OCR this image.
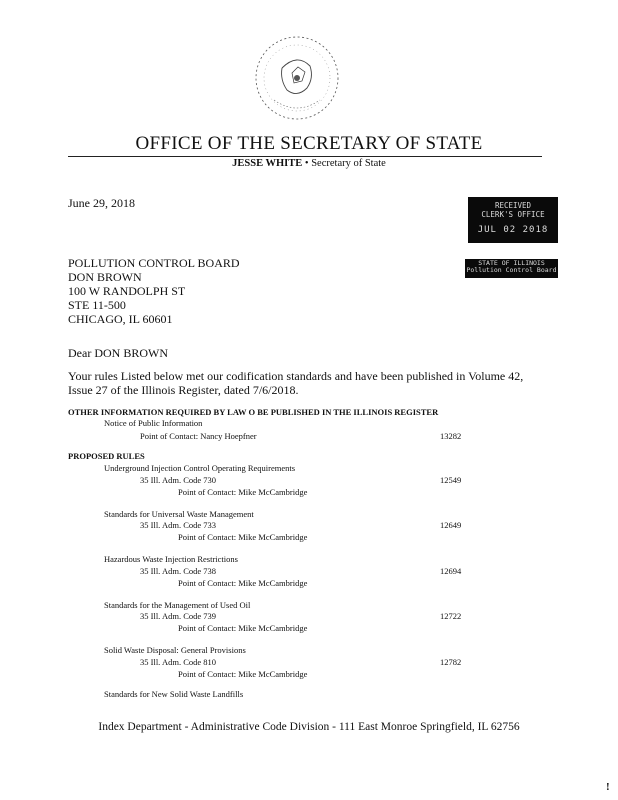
OFFICE OF THE SECRETARY OF STATE
JESSE WHITE • Secretary of State
RECEIVED
CLERK'S OFFICE
JUL 02 2018
STATE OF ILLINOIS
Pollution Control Board
June 29, 2018
POLLUTION CONTROL BOARD
DON BROWN
100 W RANDOLPH ST
STE 11-500
CHICAGO, IL 60601
Dear DON BROWN
Your rules Listed below met our codification standards and have been published in Volume 42,
Issue 27 of the Illinois Register, dated 7/6/2018.
OTHER INFORMATION REQUIRED BY LAW O BE PUBLISHED IN THE ILLINOIS REGISTER
Notice of Public Information
Point of Contact: Nancy Hoepfner	13282
PROPOSED RULES
Underground Injection Control Operating Requirements
35 Ill. Adm. Code 730	12549
Point of Contact: Mike McCambridge
Standards for Universal Waste Management
35 Ill. Adm. Code 733	12649
Point of Contact: Mike McCambridge
Hazardous Waste Injection Restrictions
35 Ill. Adm. Code 738	12694
Point of Contact: Mike McCambridge
Standards for the Management of Used Oil
35 Ill. Adm. Code 739	12722
Point of Contact: Mike McCambridge
Solid Waste Disposal: General Provisions
35 Ill. Adm. Code 810	12782
Point of Contact: Mike McCambridge
Standards for New Solid Waste Landfills
Index Department - Administrative Code Division - 111 East Monroe Springfield, IL 62756
!
